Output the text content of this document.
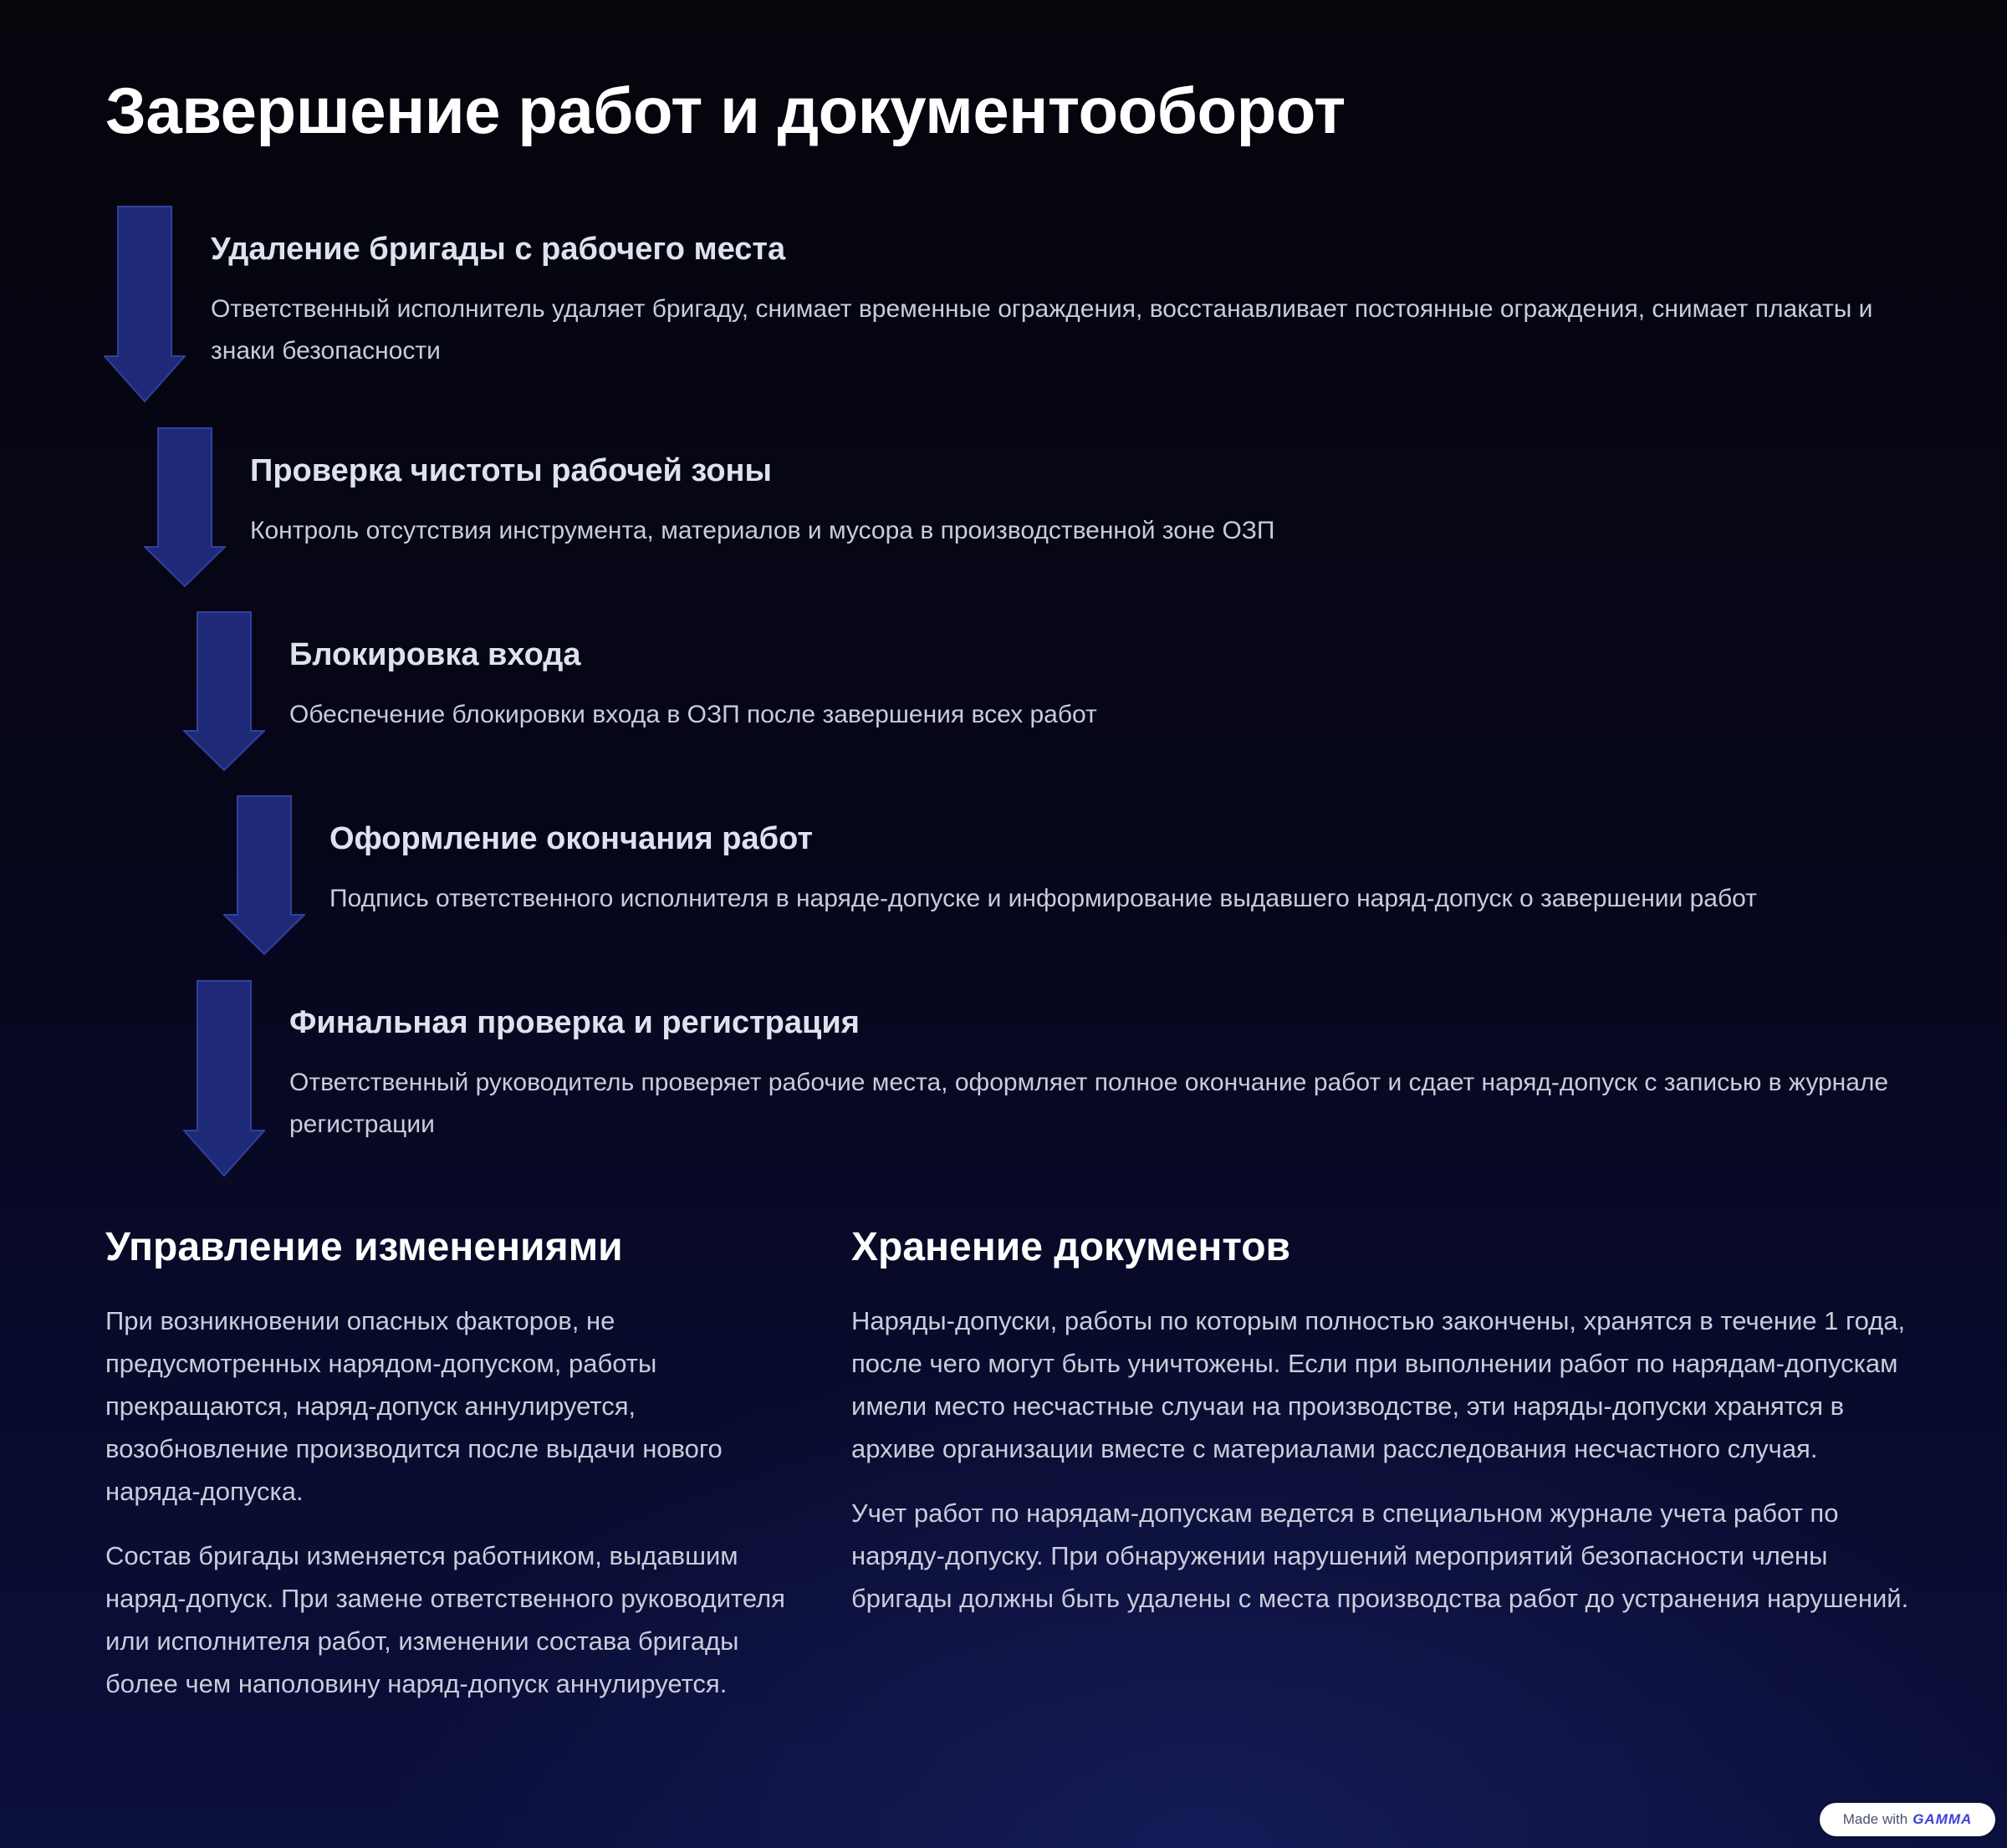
Завершение работ и документооборот
Удаление бригады с рабочего места

Ответственный исполнитель удаляет бригаду, снимает временные ограждения, восстанавливает постоянные ограждения, снимает плакаты и знаки безопасности

Проверка чистоты рабочей зоны

Контроль отсутствия инструмента, материалов и мусора в производственной зоне ОЗП

Блокировка входа

Обеспечение блокировки входа в ОЗП после завершения всех работ

Оформление окончания работ

Подпись ответственного исполнителя в наряде-допуске и информирование выдавшего наряд-допуск о завершении работ

Финальная проверка и регистрация

Ответственный руководитель проверяет рабочие места, оформляет полное окончание работ и сдает наряд-допуск с записью в журнале регистрации

Управление изменениями

При возникновении опасных факторов, не предусмотренных нарядом-допуском, работы прекращаются, наряд-допуск аннулируется, возобновление производится после выдачи нового наряда-допуска.

Состав бригады изменяется работником, выдавшим наряд-допуск. При замене ответственного руководителя или исполнителя работ, изменении состава бригады более чем наполовину наряд-допуск аннулируется.

Хранение документов

Наряды-допуски, работы по которым полностью закончены, хранятся в течение 1 года, после чего могут быть уничтожены. Если при выполнении работ по нарядам-допускам имели место несчастные случаи на производстве, эти наряды-допуски хранятся в архиве организации вместе с материалами расследования несчастного случая.

Учет работ по нарядам-допускам ведется в специальном журнале учета работ по наряду-допуску. При обнаружении нарушений мероприятий безопасности члены бригады должны быть удалены с места производства работ до устранения нарушений.

Made with GAMMA
